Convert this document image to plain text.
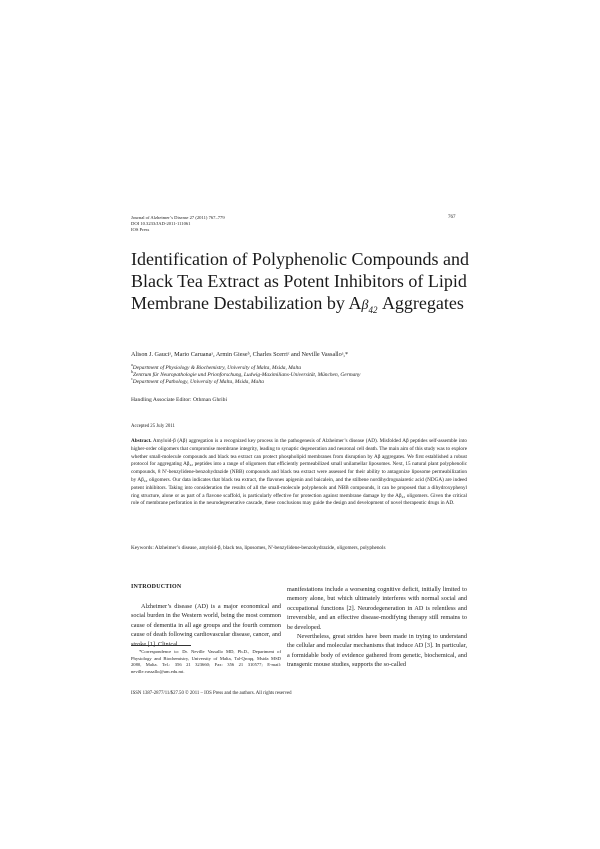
Journal of Alzheimer’s Disease 27 (2011) 767–779
DOI 10.3233/JAD-2011-111061
IOS Press
767
Identification of Polyphenolic Compounds and Black Tea Extract as Potent Inhibitors of Lipid Membrane Destabilization by $A\beta_{42}$ Aggregates
Alison J. Gauciᵃ, Mario Caruanaᵃ, Armin Gieseᵇ, Charles Scerriᶜ and Neville Vassalloᵃ,*
$^a$Department of Physiology & Biochemistry, University of Malta, Msida, Malta
$^b$Zentrum für Neuropathologie und Prionforschung, Ludwig-Maximilians-Universität, München, Germany
$^c$Department of Pathology, University of Malta, Msida, Malta
Handling Associate Editor: Othman Ghribi
Accepted 25 July 2011
Abstract. Amyloid-β (Aβ) aggregation is a recognized key process in the pathogenesis of Alzheimer’s disease (AD). Misfolded Aβ peptides self-assemble into higher-order oligomers that compromise membrane integrity, leading to synaptic degeneration and neuronal cell death. The main aim of this study was to explore whether small-molecule compounds and black tea extract can protect phospholipid membranes from disruption by Aβ aggregates. We first established a robust protocol for aggregating Aβ₄₂ peptides into a range of oligomers that efficiently permeabilized small unilamellar liposomes. Next, 15 natural plant polyphenolic compounds, 8 N′-benzylidene-benzohydrazide (NBB) compounds and black tea extract were assessed for their ability to antagonize liposome permeabilization by Aβ₄₂ oligomers. Our data indicates that black tea extract, the flavones apigenin and baicalein, and the stilbene nordihydroguaiaretic acid (NDGA) are indeed potent inhibitors. Taking into consideration the results of all the small-molecule polyphenols and NBB compounds, it can be proposed that a dihydroxyphenyl ring structure, alone or as part of a flavone scaffold, is particularly effective for protection against membrane damage by the Aβ₄₂ oligomers. Given the critical role of membrane perforation in the neurodegenerative cascade, these conclusions may guide the design and development of novel therapeutic drugs in AD.
Keywords: Alzheimer’s disease, amyloid-β, black tea, liposomes, N′-benzylidene-benzohydrazide, oligomers, polyphenols
INTRODUCTION
Alzheimer’s disease (AD) is a major economical and social burden in the Western world, being the most common cause of dementia in all age groups and the fourth common cause of death following cardiovascular disease, cancer, and stroke [1]. Clinical

manifestations include a worsening cognitive deficit, initially limited to memory alone, but which ultimately interferes with normal social and occupational functions [2]. Neurodegeneration in AD is relentless and irreversible, and an effective disease-modifying therapy still remains to be developed.

Nevertheless, great strides have been made in trying to understand the cellular and molecular mechanisms that induce AD [3]. In particular, a formidable body of evidence gathered from genetic, biochemical, and transgenic mouse studies, supports the so-called

*Correspondence to: Dr. Neville Vassallo MD, Ph.D., Department of Physiology and Biochemistry, University of Malta, Tal-Qroqq, Msida MSD 2080, Malta. Tel.: 356 21 323660; Fax: 356 21 310577; E-mail: neville.vassallo@um.edu.mt.
ISSN 1387-2877/11/$27.50 © 2011 – IOS Press and the authors. All rights reserved
